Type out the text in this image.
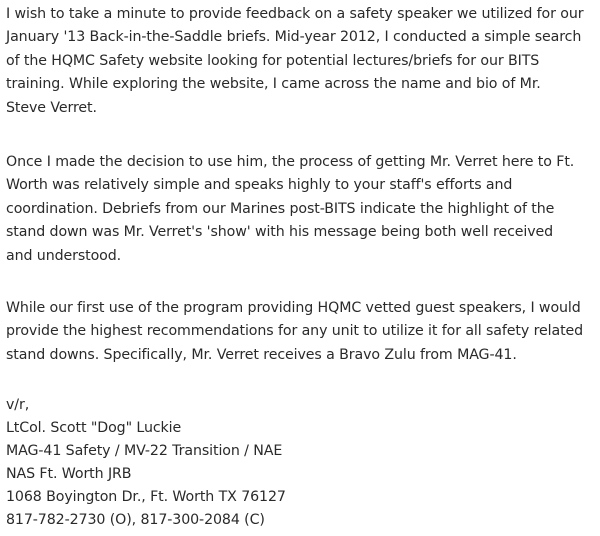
I wish to take a minute to provide feedback on a safety speaker we utilized for our

January '13 Back-in-the-Saddle briefs. Mid-year 2012, I conducted a simple search

of the HQMC Safety website looking for potential lectures/briefs for our BITS

training. While exploring the website, I came across the name and bio of Mr.

Steve Verret.

Once I made the decision to use him, the process of getting Mr. Verret here to Ft.

Worth was relatively simple and speaks highly to your staff's efforts and

coordination. Debriefs from our Marines post-BITS indicate the highlight of the

stand down was Mr. Verret's 'show' with his message being both well received

and understood.

While our first use of the program providing HQMC vetted guest speakers, I would

provide the highest recommendations for any unit to utilize it for all safety related

stand downs. Specifically, Mr. Verret receives a Bravo Zulu from MAG-41.

v/r,

LtCol. Scott "Dog" Luckie

MAG-41 Safety / MV-22 Transition / NAE

NAS Ft. Worth JRB

1068 Boyington Dr., Ft. Worth TX 76127

817-782-2730 (O), 817-300-2084 (C)
